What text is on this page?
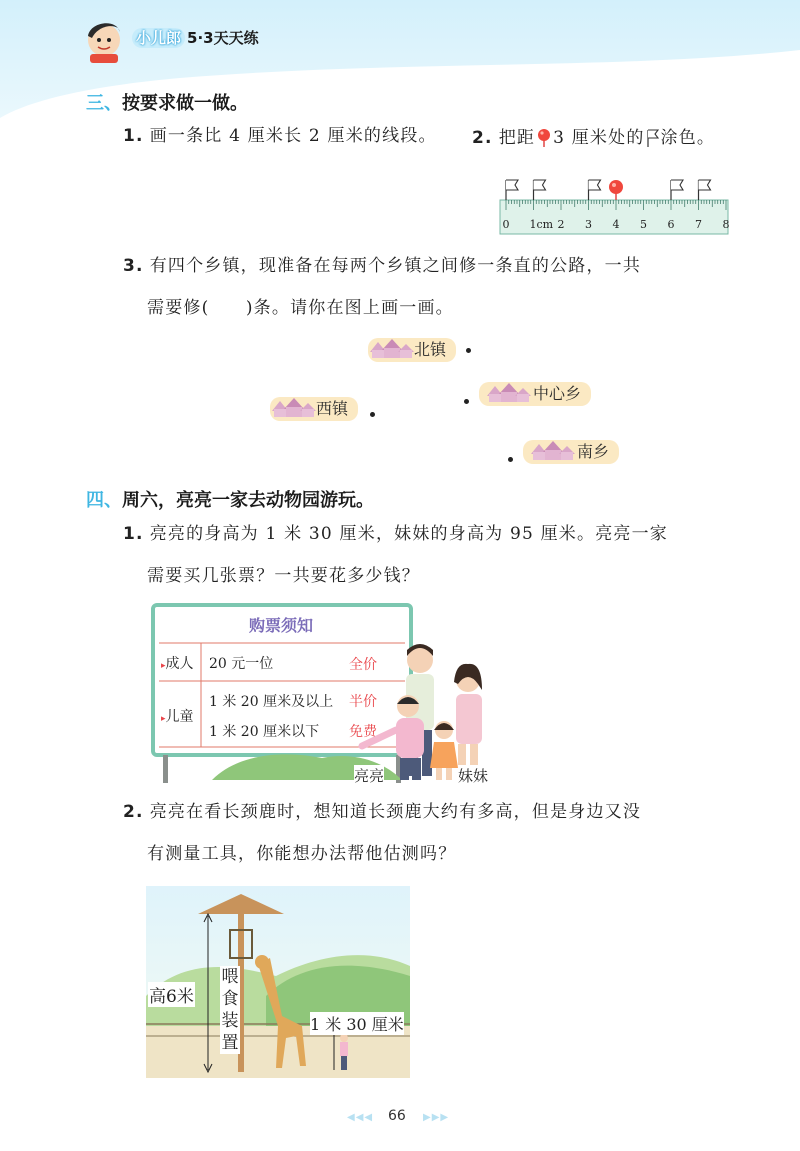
小儿郎 5·3天天练
三、按要求做一做。
1. 画一条比 4 厘米长 2 厘米的线段。 2. 把距 3 厘米处的 涂色。
0 1cm 2 3 4 5 6 7 8
3. 有四个乡镇，现准备在每两个乡镇之间修一条直的公路，一共
需要修(　　)条。请你在图上画一画。
北镇
西镇
中心乡
南乡
四、周六，亮亮一家去动物园游玩。
1. 亮亮的身高为 1 米 30 厘米，妹妹的身高为 95 厘米。亮亮一家
需要买几张票？一共要花多少钱？
购票须知
▸成人 20 元一位	全价
▸儿童
1 米 20 厘米及以上 半价
1 米 20 厘米以下 免费
亮亮	妹妹
2. 亮亮在看长颈鹿时，想知道长颈鹿大约有多高，但是身边又没
有测量工具，你能想办法帮他估测吗？
高6米
喂食装置
1 米 30 厘米
◀◀◀ 66 ▶▶▶
